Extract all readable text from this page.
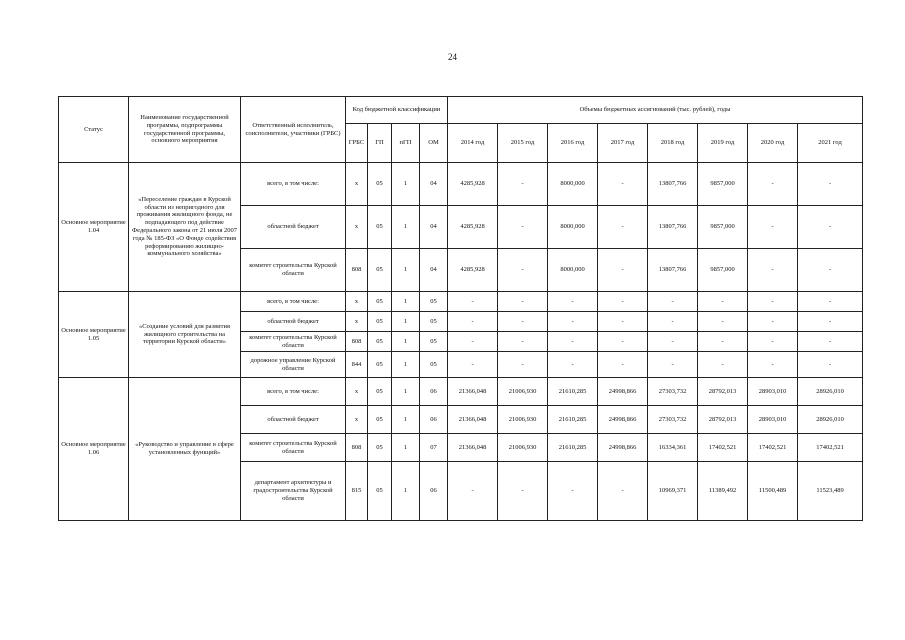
24
Статус	Наименование государственной программы, подпрограммы государственной программы, основного мероприятия	Ответственный исполнитель, соисполнители, участники (ГРБС)	Код бюджетной классификации				Объемы бюджетных ассигнований (тыс. рублей), годы							
			ГРБС	ГП	пГП	ОМ	2014 год	2015 год	2016 год	2017 год	2018 год	2019 год	2020 год	2021 год
Основное мероприятие 1.04	«Переселение граждан в Курской области из непригодного для проживания жилищного фонда, не подпадающего под действие Федерального закона от 21 июля 2007 года № 185-ФЗ «О Фонде содействия реформированию жилищно-коммунального хозяйства»	всего, в том числе:	х	05	1	04	4285,928	-	8000,000	-	13807,766	9857,000	-	-
		областной бюджет	х	05	1	04	4285,928	-	8000,000	-	13807,766	9857,000	-	-
		комитет строительства Курской области	808	05	1	04	4285,928	-	8000,000	-	13807,766	9857,000	-	-
Основное мероприятие 1.05	«Создание условий для развития жилищного строительства на территории Курской области»	всего, в том числе:	х	05	1	05	-	-	-	-	-	-	-	-
		областной бюджет	х	05	1	05	-	-	-	-	-	-	-	-
		комитет строительства Курской области	808	05	1	05	-	-	-	-	-	-	-	-
		дорожное управление Курской области	844	05	1	05	-	-	-	-	-	-	-	-
Основное мероприятие 1.06	«Руководство и управление в сфере установленных функций»	всего, в том числе:	х	05	1	06	21366,048	21006,930	21610,285	24998,866	27303,732	28792,013	28903,010	28926,010
		областной бюджет	х	05	1	06	21366,048	21006,930	21610,285	24998,866	27303,732	28792,013	28903,010	28926,010
		комитет строительства Курской области	808	05	1	07	21366,048	21006,930	21610,285	24998,866	16334,361	17402,521	17402,521	17402,521
		департамент архитектуры и градостроительства Курской области	815	05	1	06	-	-	-	-	10969,371	11389,492	11500,489	11523,489
